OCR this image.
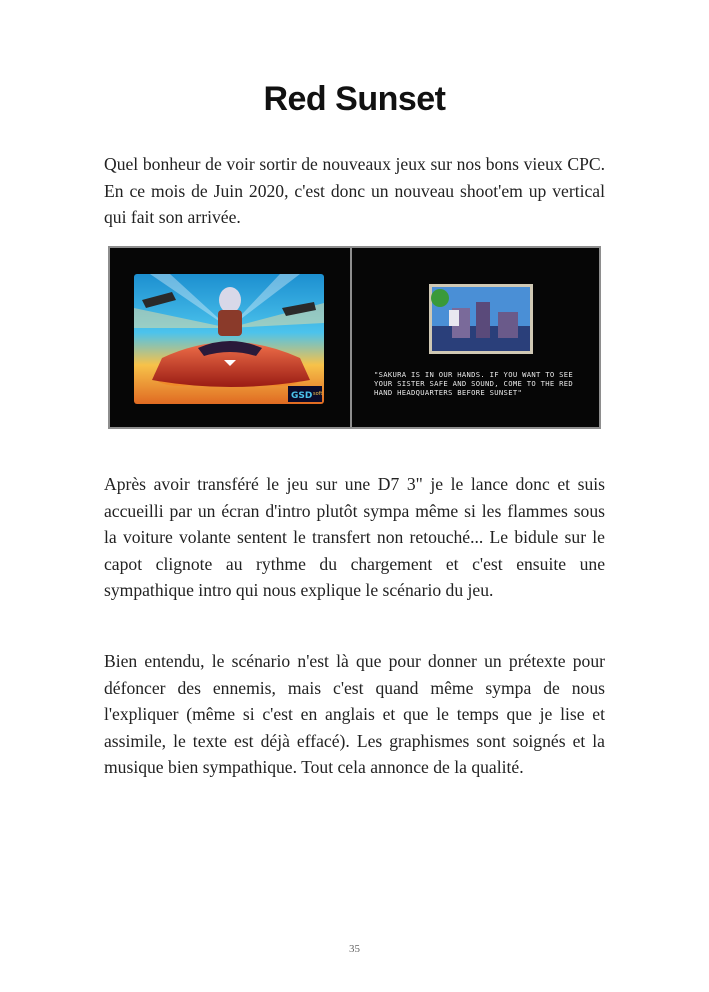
Red Sunset

Quel bonheur de voir sortir de nouveaux jeux sur nos bons vieux CPC. En ce mois de Juin 2020, c'est donc un nouveau shoot'em up vertical qui fait son arrivée.

GSD soft
"SAKURA IS IN OUR HANDS. IF YOU WANT TO SEE YOUR SISTER SAFE AND SOUND, COME TO THE RED HAND HEADQUARTERS BEFORE SUNSET"

Après avoir transféré le jeu sur une D7 3" je le lance donc et suis accueilli par un écran d'intro plutôt sympa même si les flammes sous la voiture volante sentent le transfert non retouché... Le bidule sur le capot clignote au rythme du chargement et c'est ensuite une sympathique intro qui nous explique le scénario du jeu.

Bien entendu, le scénario n'est là que pour donner un prétexte pour défoncer des ennemis, mais c'est quand même sympa de nous l'expliquer (même si c'est en anglais et que le temps que je lise et assimile, le texte est déjà effacé). Les graphismes sont soignés et la musique bien sympathique. Tout cela annonce de la qualité.

35
